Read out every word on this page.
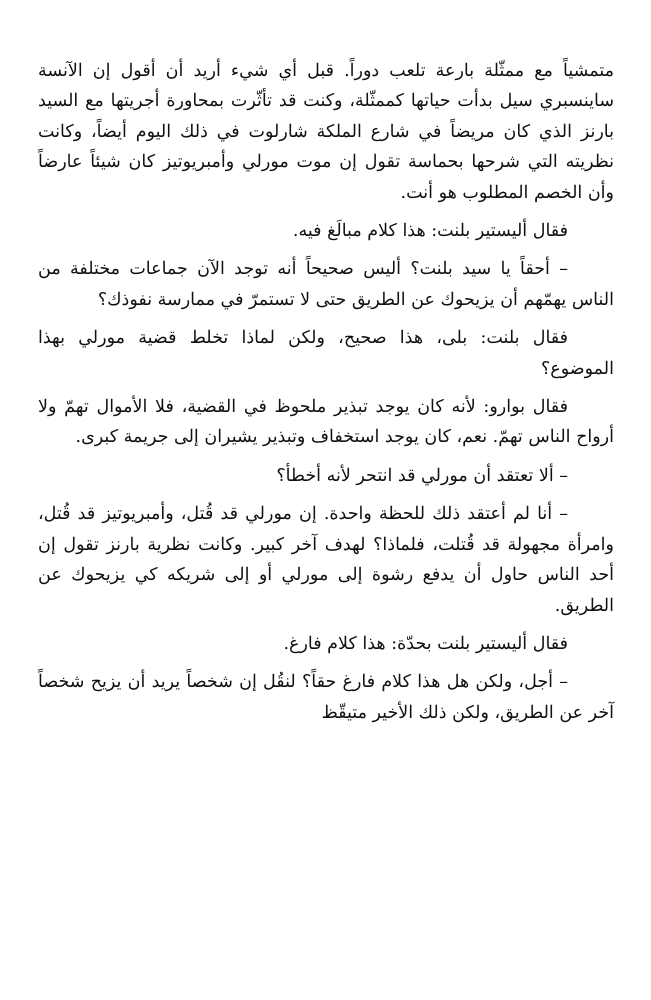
متمشياً مع ممثّلة بارعة تلعب دوراً. قبل أي شيء أريد أن أقول إن الآنسة ساينسبري سيل بدأت حياتها كممثّلة، وكنت قد تأثّرت بمحاورة أجريتها مع السيد بارنز الذي كان مريضاً في شارع الملكة شارلوت في ذلك اليوم أيضاً، وكانت نظريته التي شرحها بحماسة تقول إن موت مورلي وأمبريوتيز كان شيئاً عارضاً وأن الخصم المطلوب هو أنت.

فقال أليستير بلنت: هذا كلام مبالَغ فيه.

– أحقاً يا سيد بلنت؟ أليس صحيحاً أنه توجد الآن جماعات مختلفة من الناس يهمّهم أن يزيحوك عن الطريق حتى لا تستمرّ في ممارسة نفوذك؟

فقال بلنت: بلى، هذا صحيح، ولكن لماذا تخلط قضية مورلي بهذا الموضوع؟

فقال بوارو: لأنه كان يوجد تبذير ملحوظ في القضية، فلا الأموال تهمّ ولا أرواح الناس تهمّ. نعم، كان يوجد استخفاف وتبذير يشيران إلى جريمة كبرى.

– ألا تعتقد أن مورلي قد انتحر لأنه أخطأ؟

– أنا لم أعتقد ذلك للحظة واحدة. إن مورلي قد قُتل، وأمبريوتيز قد قُتل، وامرأة مجهولة قد قُتلت، فلماذا؟ لهدف آخر كبير. وكانت نظرية بارنز تقول إن أحد الناس حاول أن يدفع رشوة إلى مورلي أو إلى شريكه كي يزيحوك عن الطريق.

فقال أليستير بلنت بحدّة: هذا كلام فارغ.

– أجل، ولكن هل هذا كلام فارغ حقاً؟ لنقُل إن شخصاً يريد أن يزيح شخصاً آخر عن الطريق، ولكن ذلك الأخير متيقّظ
